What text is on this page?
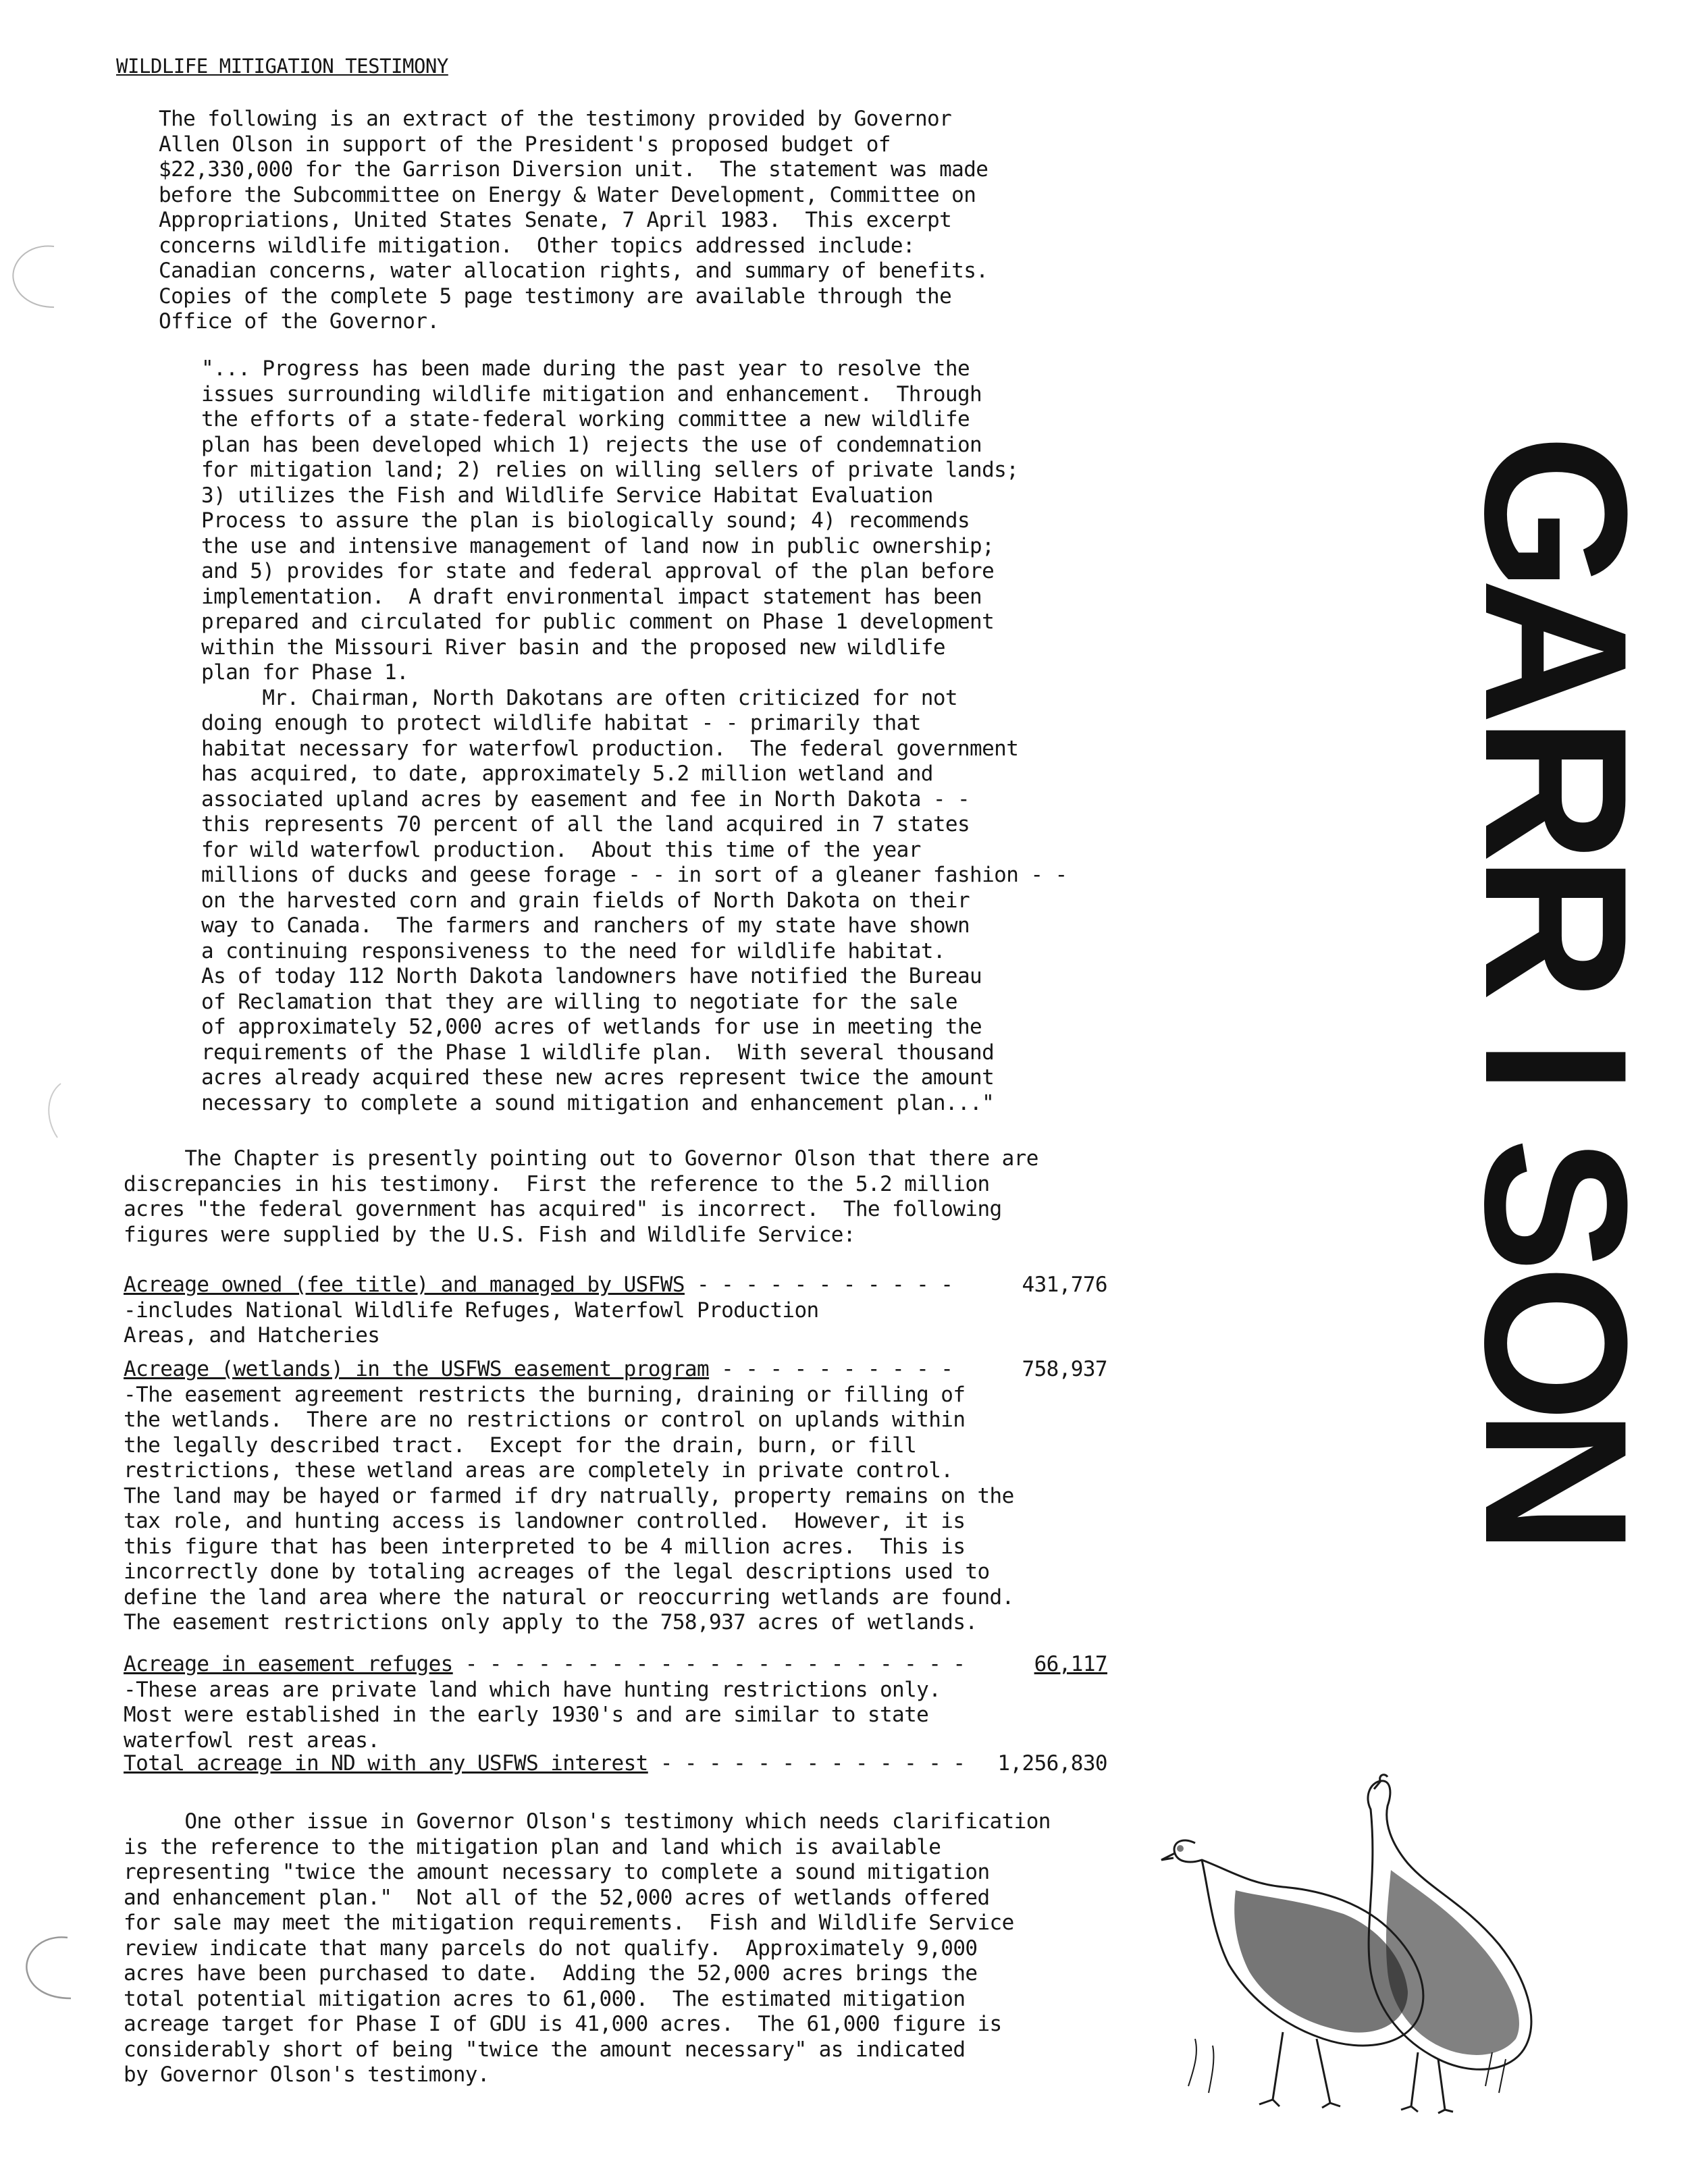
WILDLIFE MITIGATION TESTIMONY
The following is an extract of the testimony provided by Governor
Allen Olson in support of the President's proposed budget of
$22,330,000 for the Garrison Diversion unit.  The statement was made
before the Subcommittee on Energy & Water Development, Committee on
Appropriations, United States Senate, 7 April 1983.  This excerpt
concerns wildlife mitigation.  Other topics addressed include:
Canadian concerns, water allocation rights, and summary of benefits.
Copies of the complete 5 page testimony are available through the
Office of the Governor.
"... Progress has been made during the past year to resolve the
issues surrounding wildlife mitigation and enhancement.  Through
the efforts of a state-federal working committee a new wildlife
plan has been developed which 1) rejects the use of condemnation
for mitigation land; 2) relies on willing sellers of private lands;
3) utilizes the Fish and Wildlife Service Habitat Evaluation
Process to assure the plan is biologically sound; 4) recommends
the use and intensive management of land now in public ownership;
and 5) provides for state and federal approval of the plan before
implementation.  A draft environmental impact statement has been
prepared and circulated for public comment on Phase 1 development
within the Missouri River basin and the proposed new wildlife
plan for Phase 1.
Mr. Chairman, North Dakotans are often criticized for not
doing enough to protect wildlife habitat - - primarily that
habitat necessary for waterfowl production.  The federal government
has acquired, to date, approximately 5.2 million wetland and
associated upland acres by easement and fee in North Dakota - -
this represents 70 percent of all the land acquired in 7 states
for wild waterfowl production.  About this time of the year
millions of ducks and geese forage - - in sort of a gleaner fashion - -
on the harvested corn and grain fields of North Dakota on their
way to Canada.  The farmers and ranchers of my state have shown
a continuing responsiveness to the need for wildlife habitat.
As of today 112 North Dakota landowners have notified the Bureau
of Reclamation that they are willing to negotiate for the sale
of approximately 52,000 acres of wetlands for use in meeting the
requirements of the Phase 1 wildlife plan.  With several thousand
acres already acquired these new acres represent twice the amount
necessary to complete a sound mitigation and enhancement plan..."
The Chapter is presently pointing out to Governor Olson that there are
discrepancies in his testimony.  First the reference to the 5.2 million
acres "the federal government has acquired" is incorrect.  The following
figures were supplied by the U.S. Fish and Wildlife Service:
Acreage owned (fee title) and managed by USFWS - - - - - - - - - - -	431,776
-includes National Wildlife Refuges, Waterfowl Production
Areas, and Hatcheries
Acreage (wetlands) in the USFWS easement program - - - - - - - - - -	758,937
-The easement agreement restricts the burning, draining or filling of
the wetlands.  There are no restrictions or control on uplands within
the legally described tract.  Except for the drain, burn, or fill
restrictions, these wetland areas are completely in private control.
The land may be hayed or farmed if dry natrually, property remains on the
tax role, and hunting access is landowner controlled.  However, it is
this figure that has been interpreted to be 4 million acres.  This is
incorrectly done by totaling acreages of the legal descriptions used to
define the land area where the natural or reoccurring wetlands are found.
The easement restrictions only apply to the 758,937 acres of wetlands.
Acreage in easement refuges - - - - - - - - - - - - - - - - - - - - -	66,117
-These areas are private land which have hunting restrictions only.
Most were established in the early 1930's and are similar to state
waterfowl rest areas.
Total acreage in ND with any USFWS interest - - - - - - - - - - - - - 1,256,830
One other issue in Governor Olson's testimony which needs clarification
is the reference to the mitigation plan and land which is available
representing "twice the amount necessary to complete a sound mitigation
and enhancement plan."  Not all of the 52,000 acres of wetlands offered
for sale may meet the mitigation requirements.  Fish and Wildlife Service
review indicate that many parcels do not qualify.  Approximately 9,000
acres have been purchased to date.  Adding the 52,000 acres brings the
total potential mitigation acres to 61,000.  The estimated mitigation
acreage target for Phase I of GDU is 41,000 acres.  The 61,000 figure is
considerably short of being "twice the amount necessary" as indicated
by Governor Olson's testimony.
G
A
R
R
I
S
O
N
